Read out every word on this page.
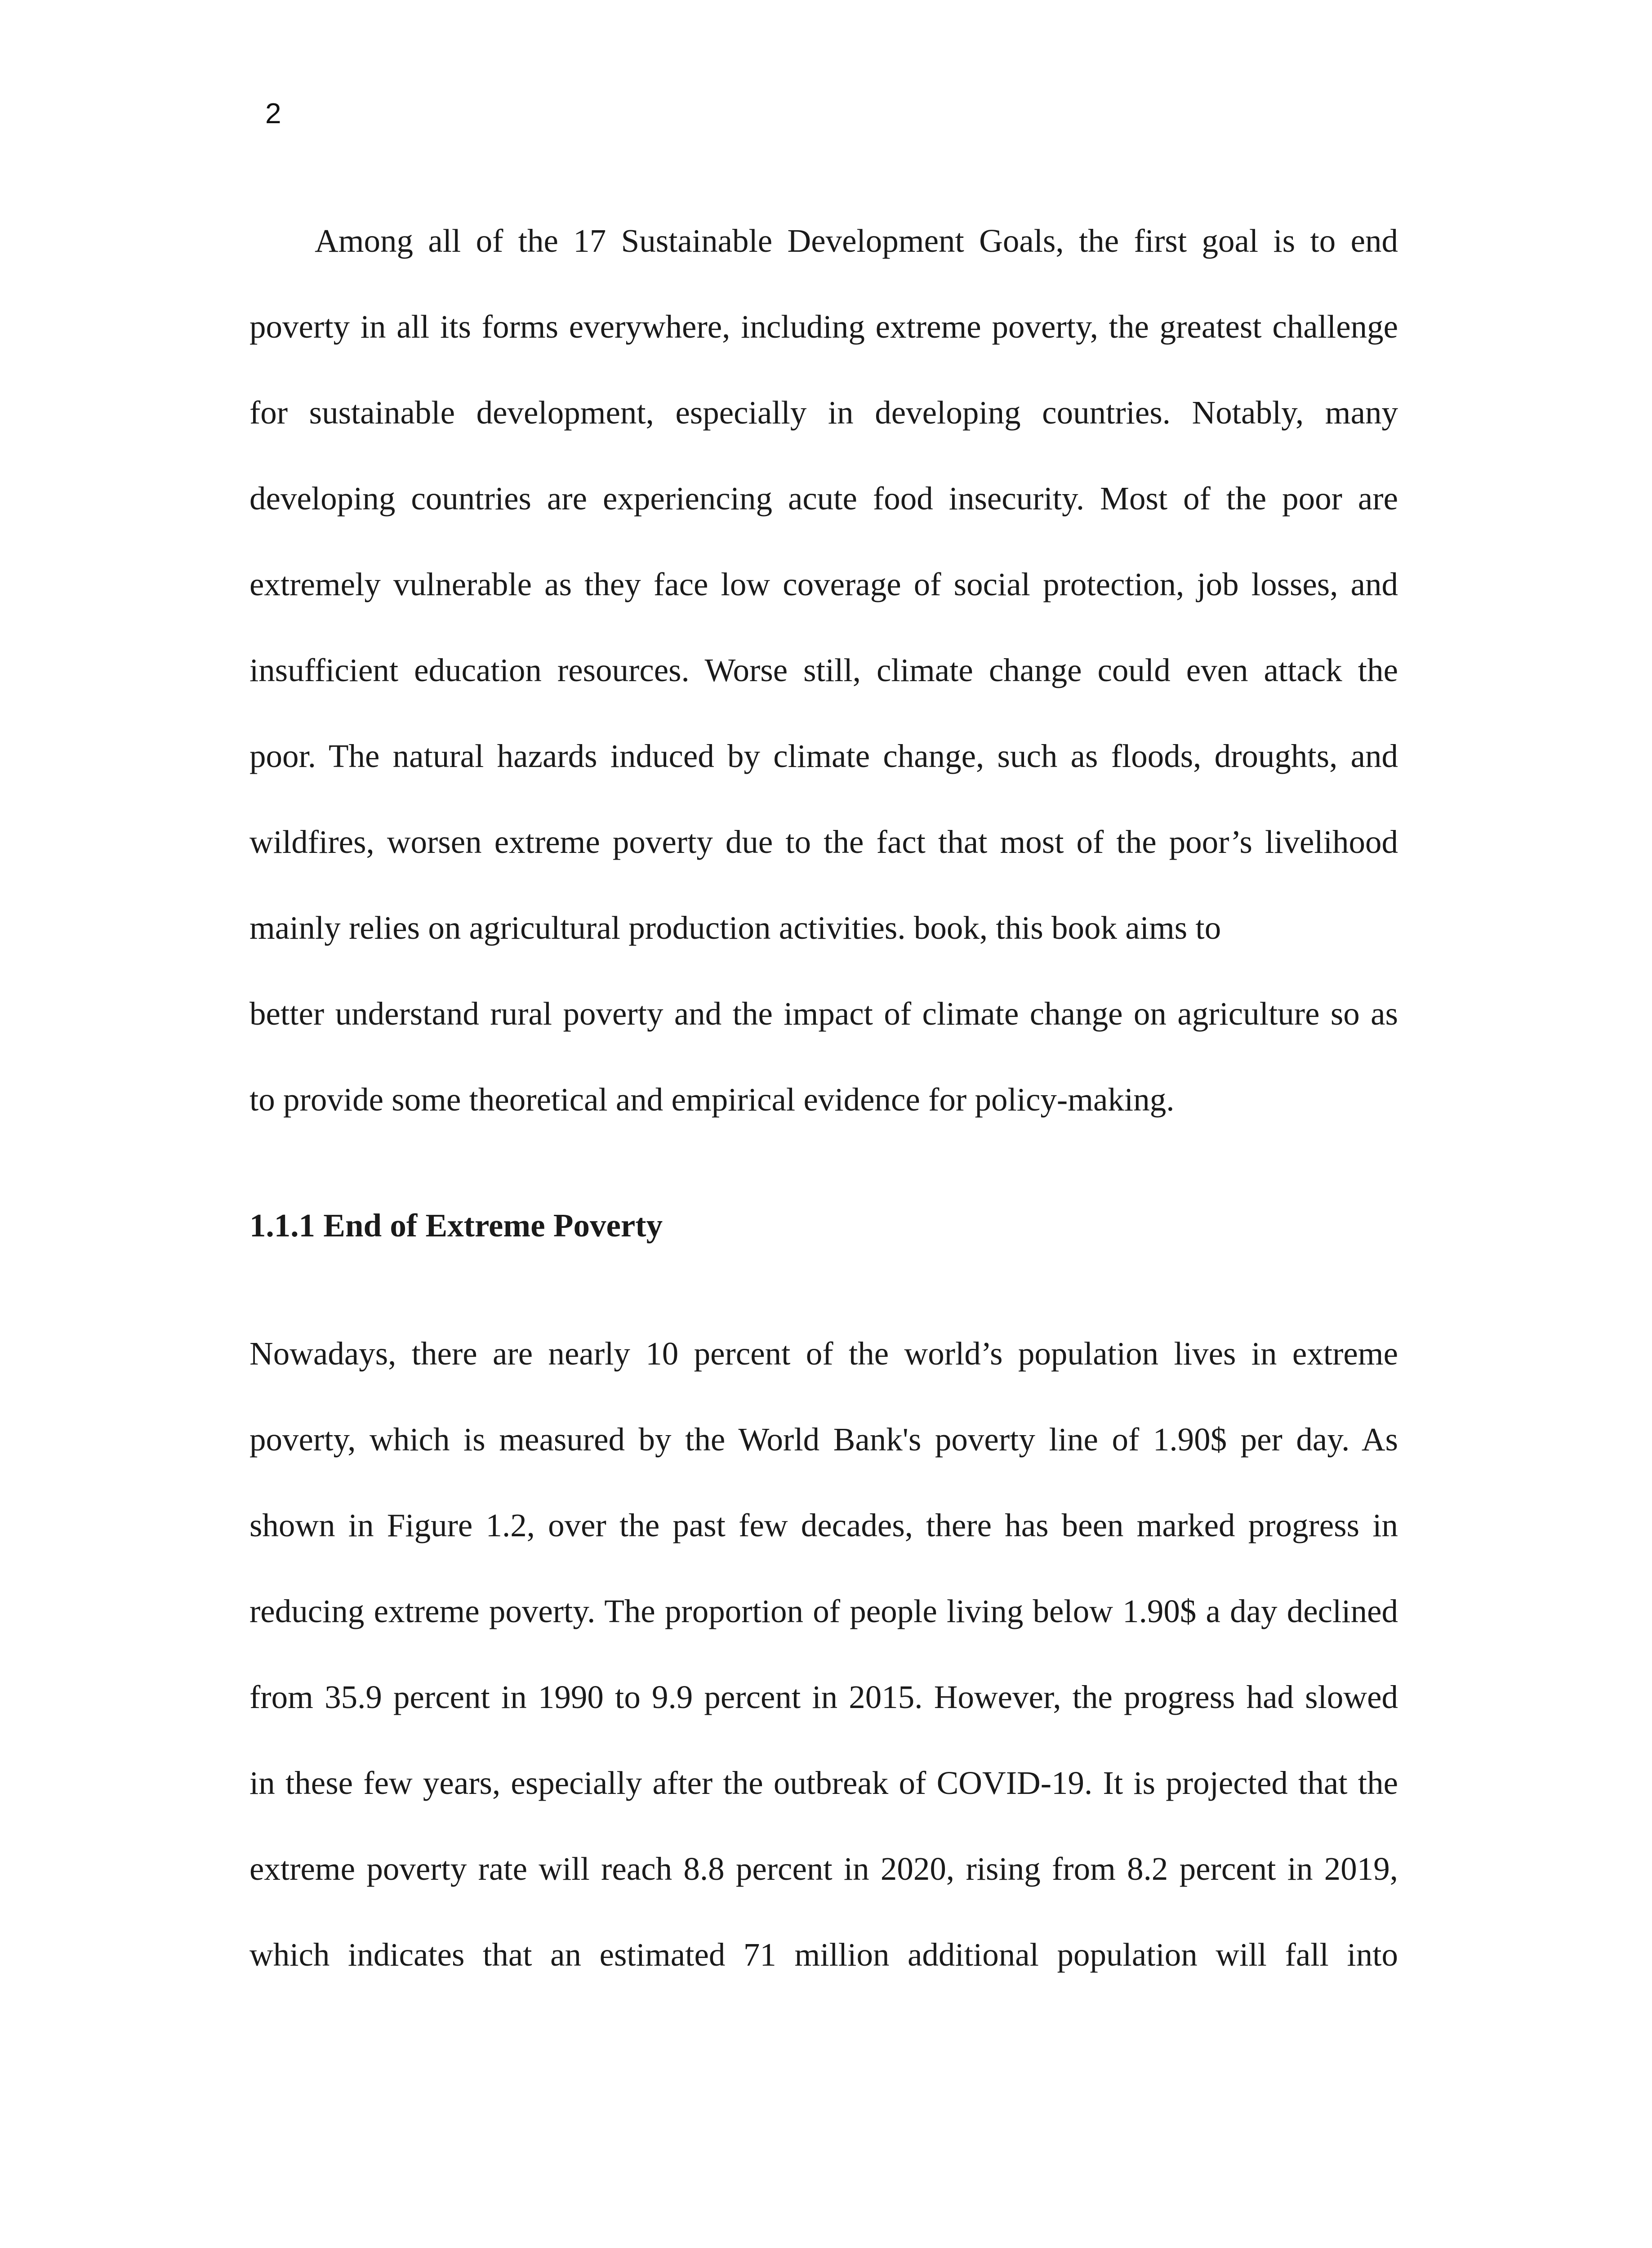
2
Among all of the 17 Sustainable Development Goals, the first goal is to end
poverty in all its forms everywhere, including extreme poverty, the greatest challenge
for sustainable development, especially in developing countries. Notably, many
developing countries are experiencing acute food insecurity. Most of the poor are
extremely vulnerable as they face low coverage of social protection, job losses, and
insufficient education resources. Worse still, climate change could even attack the
poor. The natural hazards induced by climate change, such as floods, droughts, and
wildfires, worsen extreme poverty due to the fact that most of the poor’s livelihood
mainly relies on agricultural production activities. book, this book aims to
better understand rural poverty and the impact of climate change on agriculture so as
to provide some theoretical and empirical evidence for policy-making.
1.1.1 End of Extreme Poverty
Nowadays, there are nearly 10 percent of the world’s population lives in extreme
poverty, which is measured by the World Bank's poverty line of 1.90$ per day. As
shown in Figure 1.2, over the past few decades, there has been marked progress in
reducing extreme poverty. The proportion of people living below 1.90$ a day declined
from 35.9 percent in 1990 to 9.9 percent in 2015. However, the progress had slowed
in these few years, especially after the outbreak of COVID-19. It is projected that the
extreme poverty rate will reach 8.8 percent in 2020, rising from 8.2 percent in 2019,
which indicates that an estimated 71 million additional population will fall into
